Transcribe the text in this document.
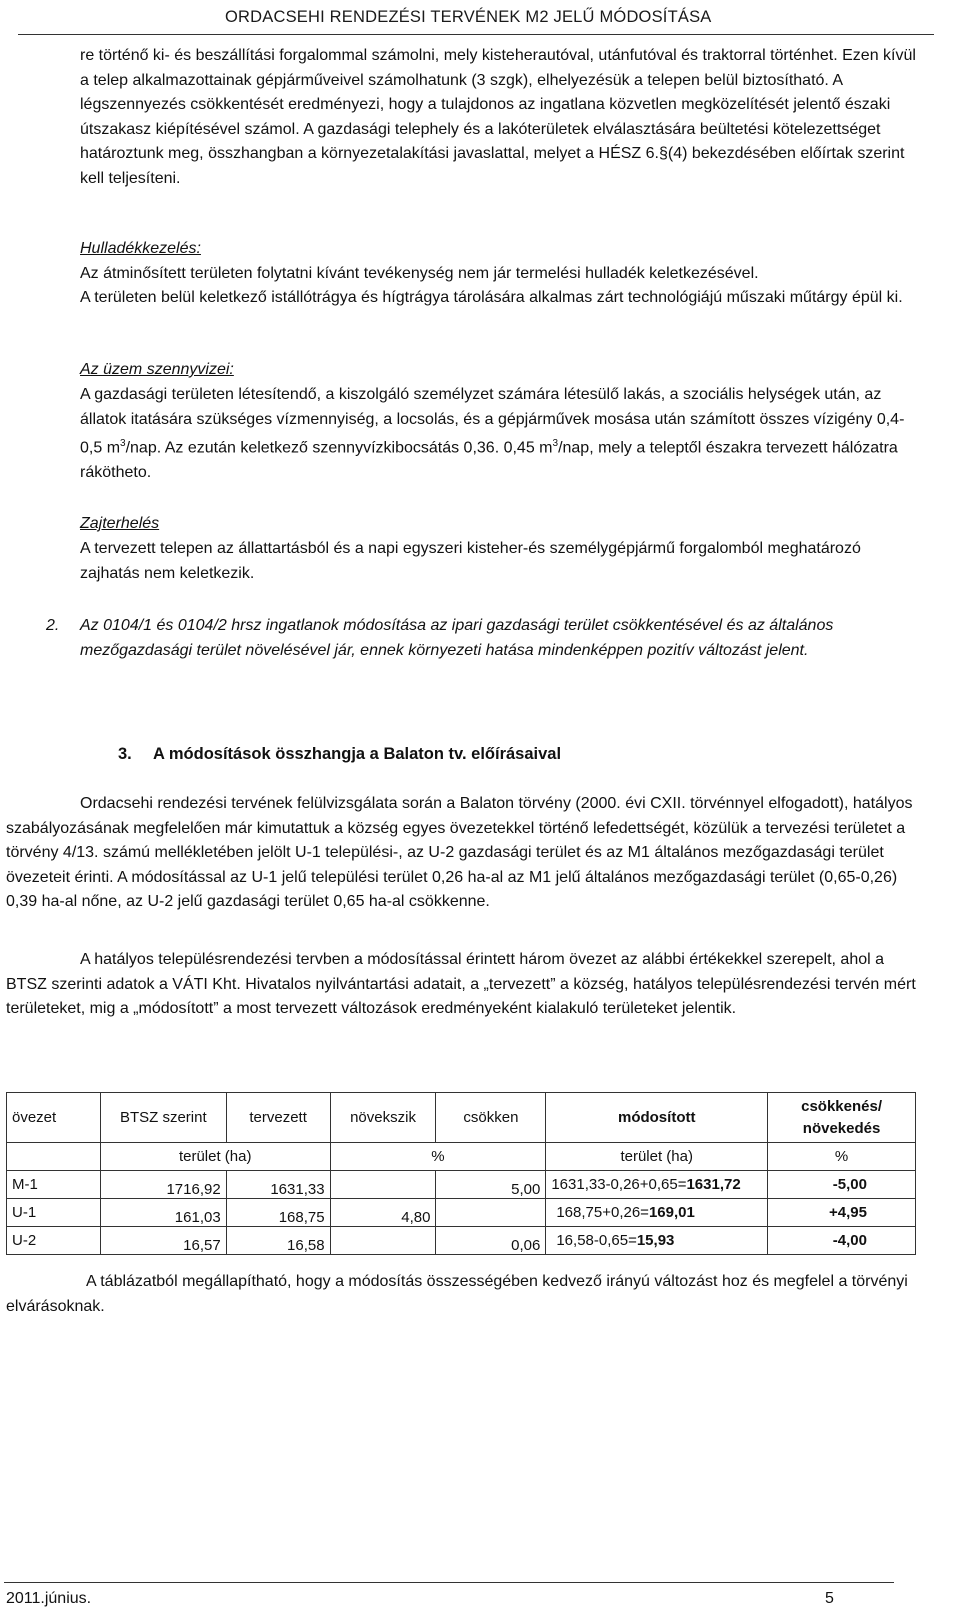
ORDACSEHI RENDEZÉSI TERVÉNEK M2 JELŰ MÓDOSÍTÁSA
re történő ki- és beszállítási forgalommal számolni, mely kisteherautóval, utánfutóval és traktorral történhet. Ezen kívül a telep alkalmazottainak gépjárműveivel számolhatunk (3 szgk), elhelyezésük a telepen belül biztosítható. A légszennyezés csökkentését eredményezi, hogy a tulajdonos az ingatlana közvetlen megközelítését jelentő északi útszakasz kiépítésével számol. A gazdasági telephely és a lakóterületek elválasztására beültetési kötelezettséget határoztunk meg, összhangban a környezetalakítási javaslattal, melyet a HÉSZ 6.§(4) bekezdésében előírtak szerint kell teljesíteni.
Hulladékkezelés:
Az átminősített területen folytatni kívánt tevékenység nem jár termelési hulladék keletkezésével.
A területen belül keletkező istállótrágya és hígtrágya tárolására alkalmas zárt technológiájú műszaki műtárgy épül ki.
Az üzem szennyvizei:
A gazdasági területen létesítendő, a kiszolgáló személyzet számára létesülő lakás, a szociális helységek után, az állatok itatására szükséges vízmennyiség, a locsolás, és a gépjárművek mosása után számított összes vízigény 0,4-0,5 $m^3$/nap. Az ezután keletkező szennyvízkibocsátás 0,36. 0,45 $m^3$/nap, mely a teleptől északra tervezett hálózatra rákötheto.
Zajterhelés
A tervezett telepen az állattartásból és a napi egyszeri kisteher-és személygépjármű forgalomból meghatározó zajhatás nem keletkezik.
2. Az 0104/1 és 0104/2 hrsz ingatlanok módosítása az ipari gazdasági terület csökkentésével és az általános mezőgazdasági terület növelésével jár, ennek környezeti hatása mindenképpen pozitív változást jelent.
3. A módosítások összhangja a Balaton tv. előírásaival
Ordacsehi rendezési tervének felülvizsgálata során a Balaton törvény (2000. évi CXII. törvénnyel elfogadott), hatályos szabályozásának megfelelően már kimutattuk a község egyes övezetekkel történő lefedettségét, közülük a tervezési területet a törvény 4/13. számú mellékletében jelölt U-1 települési-, az U-2 gazdasági terület és az M1 általános mezőgazdasági terület övezeteit érinti. A módosítással az U-1 jelű települési terület 0,26 ha-al az M1 jelű általános mezőgazdasági terület (0,65-0,26) 0,39 ha-al nőne, az U-2 jelű gazdasági terület 0,65 ha-al csökkenne.
A hatályos településrendezési tervben a módosítással érintett három övezet az alábbi értékekkel szerepelt, ahol a BTSZ szerinti adatok a VÁTI Kht. Hivatalos nyilvántartási adatait, a „tervezett” a község, hatályos településrendezési tervén mért területeket, mig a „módosított” a most tervezett változások eredményeként kialakuló területeket jelentik.
övezet	BTSZ szerint	tervezett	növekszik	csökken	módosított	csökkenés/ növekedés
	terület (ha)		%		terület (ha)	%
M-1	1716,92	1631,33		5,00	1631,33-0,26+0,65=1631,72	-5,00
U-1	161,03	168,75	4,80		168,75+0,26=169,01	+4,95
U-2	16,57	16,58		0,06	16,58-0,65=15,93	-4,00
A táblázatból megállapítható, hogy a módosítás összességében kedvező irányú változást hoz és megfelel a törvényi elvárásoknak.
2011.június.	5
